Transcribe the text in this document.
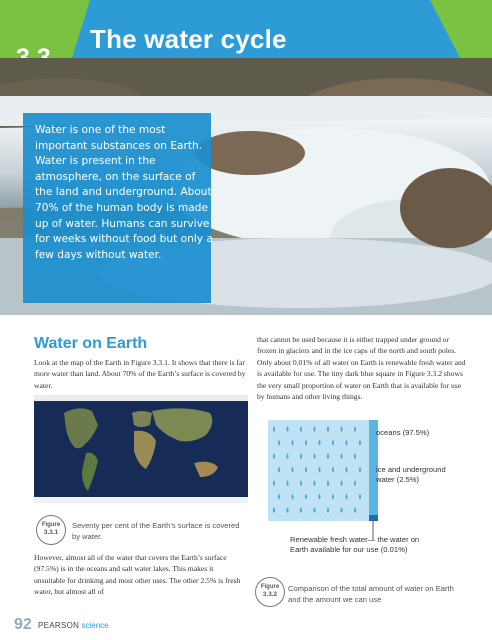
The water cycle
Water is one of the most important substances on Earth. Water is present in the atmosphere, on the surface of the land and underground. About 70% of the human body is made up of water. Humans can survive for weeks without food but only a few days without water.
Water on Earth
Look at the map of the Earth in Figure 3.3.1. It shows that there is far more water than land. About 70% of the Earth’s surface is covered by water.
Figure
3.3.1
Seventy per cent of the Earth’s surface is covered by water.
However, almost all of the water that covers the Earth’s surface (97.5%) is in the oceans and salt water lakes. This makes it unsuitable for drinking and most other uses. The other 2.5% is fresh water, but almost all of
that cannot be used because it is either trapped under ground or frozen in glaciers and in the ice caps of the north and south poles. Only about 0.01% of all water on Earth is renewable fresh water and is available for use. The tiny dark blue square in Figure 3.3.2 shows the very small proportion of water on Earth that is available for use by humans and other living things.
oceans (97.5%)
ice and underground water (2.5%)
Renewable fresh water— the water on Earth available for our use (0.01%)
Figure
3.3.2
Comparison of the total amount of water on Earth and the amount we can use
92 PEARSON science
